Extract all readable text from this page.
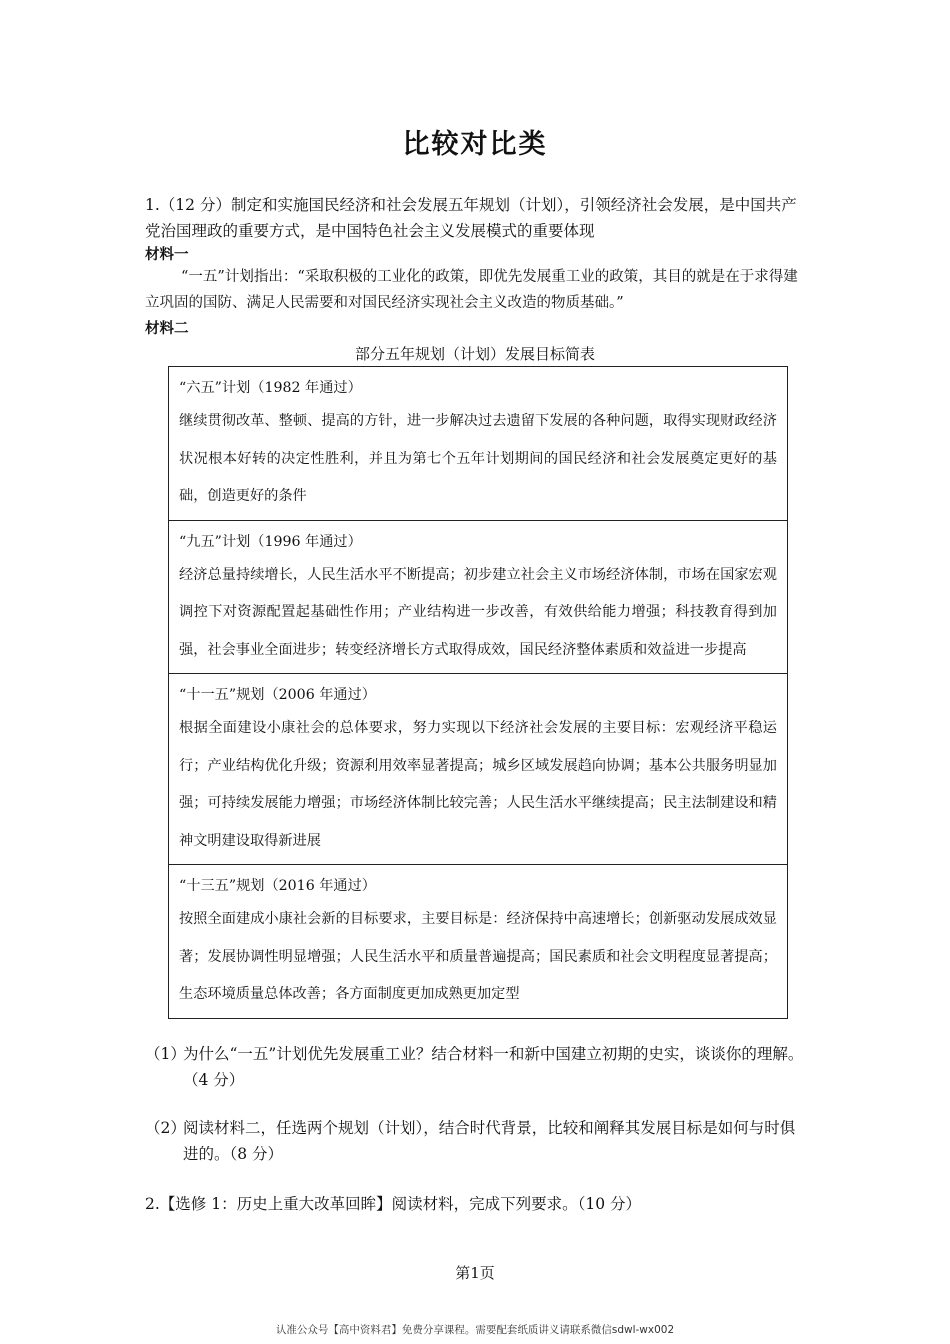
比较对比类
1.（12 分）制定和实施国民经济和社会发展五年规划（计划），引领经济社会发展，是中国共产党治国理政的重要方式，是中国特色社会主义发展模式的重要体现
材料一
“一五”计划指出：“采取积极的工业化的政策，即优先发展重工业的政策，其目的就是在于求得建立巩固的国防、满足人民需要和对国民经济实现社会主义改造的物质基础。”
材料二
部分五年规划（计划）发展目标简表
“六五”计划（1982 年通过）
继续贯彻改革、整顿、提高的方针，进一步解决过去遗留下发展的各种问题，取得实现财政经济状况根本好转的决定性胜利，并且为第七个五年计划期间的国民经济和社会发展奠定更好的基础，创造更好的条件

“九五”计划（1996 年通过）
经济总量持续增长，人民生活水平不断提高；初步建立社会主义市场经济体制，市场在国家宏观调控下对资源配置起基础性作用；产业结构进一步改善，有效供给能力增强；科技教育得到加强，社会事业全面进步；转变经济增长方式取得成效，国民经济整体素质和效益进一步提高

“十一五”规划（2006 年通过）
根据全面建设小康社会的总体要求，努力实现以下经济社会发展的主要目标：宏观经济平稳运行；产业结构优化升级；资源利用效率显著提高；城乡区域发展趋向协调；基本公共服务明显加强；可持续发展能力增强；市场经济体制比较完善；人民生活水平继续提高；民主法制建设和精神文明建设取得新进展

“十三五”规划（2016 年通过）
按照全面建成小康社会新的目标要求，主要目标是：经济保持中高速增长；创新驱动发展成效显著；发展协调性明显增强；人民生活水平和质量普遍提高；国民素质和社会文明程度显著提高；生态环境质量总体改善；各方面制度更加成熟更加定型
（1）
为什么“一五”计划优先发展重工业？结合材料一和新中国建立初期的史实，谈谈你的理解。（4 分）
（2）
阅读材料二，任选两个规划（计划），结合时代背景，比较和阐释其发展目标是如何与时俱进的。（8 分）
2.【选修 1：历史上重大改革回眸】阅读材料，完成下列要求。（10 分）
第1页
认准公众号【高中资料君】免费分享课程。需要配套纸质讲义请联系微信sdwl-wx002
